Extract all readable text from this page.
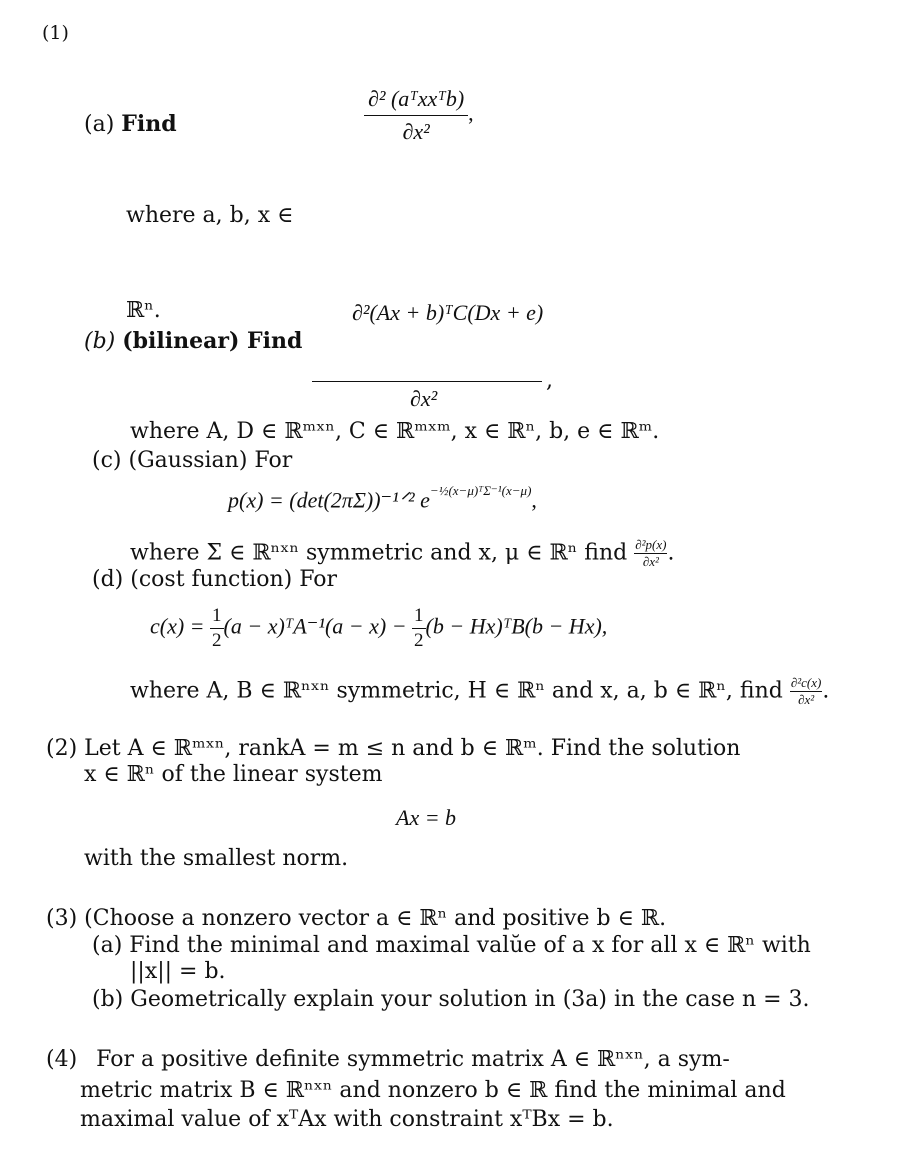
(1)
(a) Find	$\frac{\text{∂² (aᵀxxᵀb)}}{\text{∂x²}}$ ,
where a, b, x ∈
ℝⁿ.	∂²(Ax + b)ᵀC(Dx + e)
(b) (bilinear) Find
,
∂x²
where A, D ∈ ℝᵐˣⁿ, C ∈ ℝᵐˣᵐ, x ∈ ℝⁿ, b, e ∈ ℝᵐ.
(c) (Gaussian) For
p(x) = (det(2πΣ))⁻¹ᐟ² $e^{-\frac{1}{2}(x-\mu)ᵀ\Sigma^{-1}(x-\mu)}$,
where Σ ∈ ℝⁿˣⁿ symmetric and x, μ ∈ ℝⁿ find $\frac{\text{∂²p(x)}}{\text{∂x²}}$ .
(d) (cost function) For
$c(x) = \frac{1}{2} (a$ − x)ᵀA⁻¹(a − $x) - \frac{1}{2} (b$ − Hx)ᵀB(b − Hx),
where A, B ∈ ℝⁿˣⁿ symmetric, H ∈ ℝⁿ and x, a, b ∈ ℝⁿ, find $\frac{\text{∂²c(x)}}{\text{∂x²}}$ .
(2) Let A ∈ ℝᵐˣⁿ, rankA = m ≤ n and b ∈ ℝᵐ. Find the solution
x ∈ ℝⁿ of the linear system
Ax = b
with the smallest norm.
(3) (Choose a nonzero vector a ∈ ℝⁿ and positive b ∈ ℝ.
(a) Find the minimal and maximal valŭe of a x for all x ∈ ℝⁿ with
||x|| = b.
(b) Geometrically explain your solution in (3a) in the case n = 3.
(4) For a positive definite symmetric matrix A ∈ ℝⁿˣⁿ, a sym-
metric matrix B ∈ ℝⁿˣⁿ and nonzero b ∈ ℝ find the minimal and
maximal value of xᵀAx with constraint xᵀBx = b.
